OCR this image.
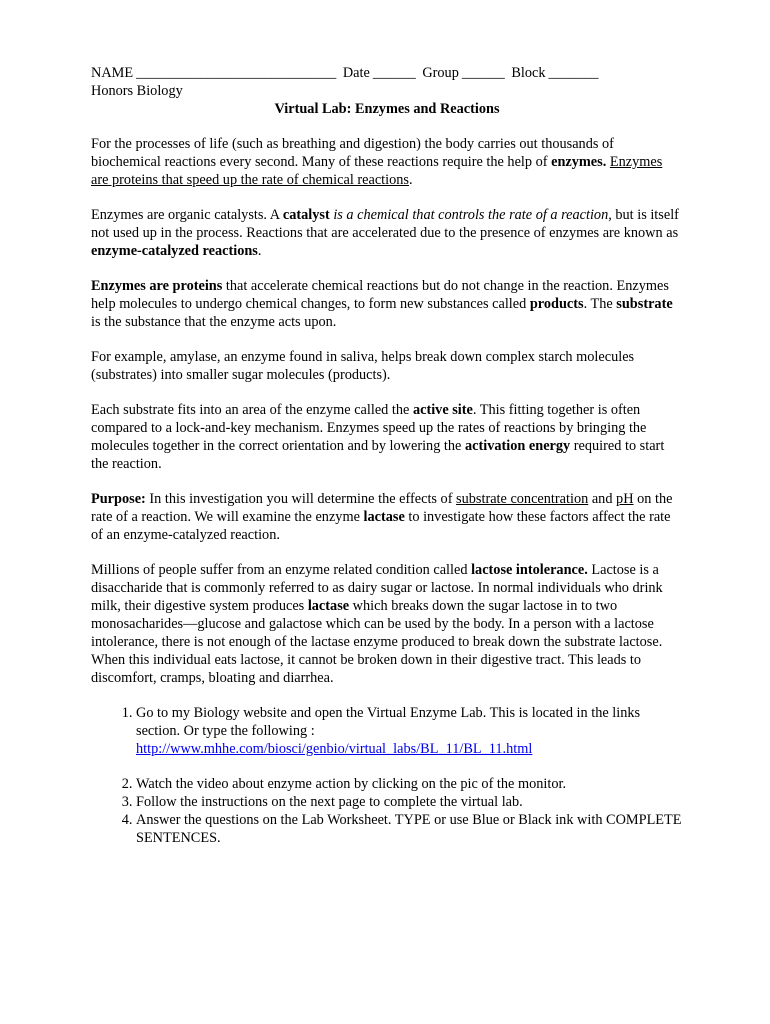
NAME ____________________________ Date ______ Group ______ Block _______
Honors Biology
Virtual Lab: Enzymes and Reactions

For the processes of life (such as breathing and digestion) the body carries out thousands of biochemical reactions every second. Many of these reactions require the help of enzymes. Enzymes are proteins that speed up the rate of chemical reactions.

Enzymes are organic catalysts. A catalyst is a chemical that controls the rate of a reaction, but is itself not used up in the process. Reactions that are accelerated due to the presence of enzymes are known as enzyme-catalyzed reactions.

Enzymes are proteins that accelerate chemical reactions but do not change in the reaction. Enzymes help molecules to undergo chemical changes, to form new substances called products. The substrate is the substance that the enzyme acts upon.

For example, amylase, an enzyme found in saliva, helps break down complex starch molecules (substrates) into smaller sugar molecules (products).

Each substrate fits into an area of the enzyme called the active site. This fitting together is often compared to a lock-and-key mechanism. Enzymes speed up the rates of reactions by bringing the molecules together in the correct orientation and by lowering the activation energy required to start the reaction.

Purpose: In this investigation you will determine the effects of substrate concentration and pH on the rate of a reaction. We will examine the enzyme lactase to investigate how these factors affect the rate of an enzyme-catalyzed reaction.

Millions of people suffer from an enzyme related condition called lactose intolerance. Lactose is a disaccharide that is commonly referred to as dairy sugar or lactose. In normal individuals who drink milk, their digestive system produces lactase which breaks down the sugar lactose in to two monosacharides—glucose and galactose which can be used by the body. In a person with a lactose intolerance, there is not enough of the lactase enzyme produced to break down the substrate lactose. When this individual eats lactose, it cannot be broken down in their digestive tract. This leads to discomfort, cramps, bloating and diarrhea.

1. Go to my Biology website and open the Virtual Enzyme Lab. This is located in the links section. Or type the following :
http://www.mhhe.com/biosci/genbio/virtual_labs/BL_11/BL_11.html
2. Watch the video about enzyme action by clicking on the pic of the monitor.
3. Follow the instructions on the next page to complete the virtual lab.
4. Answer the questions on the Lab Worksheet. TYPE or use Blue or Black ink with COMPLETE SENTENCES.
